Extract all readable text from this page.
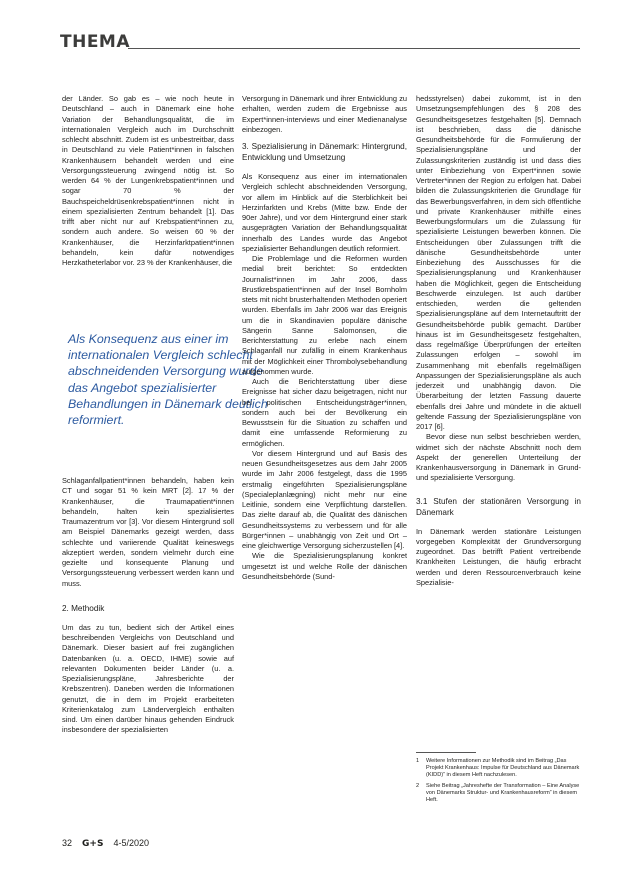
THEMA

der Länder. So gab es – wie noch heute in Deutschland – auch in Dänemark eine hohe Variation der Behandlungsqualität, die im internationalen Vergleich auch im Durchschnitt schlecht abschnitt. Zudem ist es unbestreitbar, dass in Deutschland zu viele Patient*innen in falschen Krankenhäusern behandelt werden und eine Versorgungssteuerung zwingend nötig ist. So werden 64 % der Lungenkrebspatient*innen und sogar 70 % der Bauchspeicheldrüsenkrebspatient*innen nicht in einem spezialisierten Zentrum behandelt [1]. Das trifft aber nicht nur auf Krebspatient*innen zu, sondern auch andere. So weisen 60 % der Krankenhäuser, die Herzinfarktpatient*innen behandeln, kein dafür notwendiges Herzkatheterlabor vor. 23 % der Krankenhäuser, die

Als Konsequenz aus einer im internationalen Vergleich schlecht abschneidenden Versorgung wurde das Angebot spezialisierter Behandlungen in Dänemark deutlich reformiert.

Schlaganfallpatient*innen behandeln, haben kein CT und sogar 51 % kein MRT [2]. 17 % der Krankenhäuser, die Traumapatient*innen behandeln, halten kein spezialisiertes Traumazentrum vor [3]. Vor diesem Hintergrund soll am Beispiel Dänemarks gezeigt werden, dass schlechte und variierende Qualität keineswegs akzeptiert werden, sondern vielmehr durch eine gezielte und konsequente Planung und Versorgungssteuerung verbessert werden kann und muss.

2. Methodik

Um das zu tun, bedient sich der Artikel eines beschreibenden Vergleichs von Deutschland und Dänemark. Dieser basiert auf frei zugänglichen Datenbanken (u. a. OECD, IHME) sowie auf relevanten Dokumenten beider Länder (u. a. Spezialisierungspläne, Jahresberichte der Krebszentren). Daneben werden die Informationen genutzt, die in dem im Projekt erarbeiteten Kriterienkatalog zum Ländervergleich enthalten sind. Um einen darüber hinaus gehenden Eindruck insbesondere der spezialisierten

Versorgung in Dänemark und ihrer Entwicklung zu erhalten, werden zudem die Ergebnisse aus Expert*innen-interviews und einer Medienanalyse einbezogen.

3. Spezialisierung in Dänemark: Hintergrund, Entwicklung und Umsetzung

Als Konsequenz aus einer im internationalen Vergleich schlecht abschneidenden Versorgung, vor allem im Hinblick auf die Sterblichkeit bei Herzinfarkten und Krebs (Mitte bzw. Ende der 90er Jahre), und vor dem Hintergrund einer stark ausgeprägten Variation der Behandlungsqualität innerhalb des Landes wurde das Angebot spezialisierter Behandlungen deutlich reformiert.

Die Problemlage und die Reformen wurden medial breit berichtet: So entdeckten Journalist*innen im Jahr 2006, dass Brustkrebspatient*innen auf der Insel Bornholm stets mit nicht brusterhaltenden Methoden operiert wurden. Ebenfalls im Jahr 2006 war das Ereignis um die in Skandinavien populäre dänische Sängerin Sanne Salomonsen, die Berichterstattung zu erlebe nach einem Schlaganfall nur zufällig in einem Krankenhaus mit der Möglichkeit einer Thrombolysebehandlung aufgenommen wurde.

Auch die Berichterstattung über diese Ereignisse hat sicher dazu beigetragen, nicht nur bei politischen Entscheidungsträger*innen, sondern auch bei der Bevölkerung ein Bewusstsein für die Situation zu schaffen und damit eine umfassende Reformierung zu ermöglichen.

Vor diesem Hintergrund und auf Basis des neuen Gesundheitsgesetzes aus dem Jahr 2005 wurde im Jahr 2006 festgelegt, dass die 1995 erstmalig eingeführten Spezialisierungspläne (Specialeplanlægning) nicht mehr nur eine Leitlinie, sondern eine Verpflichtung darstellen. Das zielte darauf ab, die Qualität des dänischen Gesundheitssystems zu verbessern und für alle Bürger*innen – unabhängig von Zeit und Ort – eine gleichwertige Versorgung sicherzustellen [4].

Wie die Spezialisierungsplanung konkret umgesetzt ist und welche Rolle der dänischen Gesundheitsbehörde (Sund-

hedsstyrelsen) dabei zukommt, ist in den Umsetzungsempfehlungen des § 208 des Gesundheitsgesetzes festgehalten [5]. Demnach ist beschrieben, dass die dänische Gesundheitsbehörde für die Formulierung der Spezialisierungspläne und der Zulassungskriterien zuständig ist und dass dies unter Einbeziehung von Expert*innen sowie Vertreter*innen der Region zu erfolgen hat. Dabei bilden die Zulassungskriterien die Grundlage für das Bewerbungsverfahren, in dem sich öffentliche und private Krankenhäuser mithilfe eines Bewerbungsformulars um die Zulassung für spezialisierte Leistungen bewerben können. Die Entscheidungen über Zulassungen trifft die dänische Gesundheitsbehörde unter Einbeziehung des Ausschusses für die Spezialisierungsplanung und Krankenhäuser haben die Möglichkeit, gegen die Entscheidung Beschwerde einzulegen. Ist auch darüber entschieden, werden die geltenden Spezialisierungspläne auf dem Internetauftritt der Gesundheitsbehörde publik gemacht. Darüber hinaus ist im Gesundheitsgesetz festgehalten, dass regelmäßige Überprüfungen der erteilten Zulassungen erfolgen – sowohl im Zusammenhang mit ebenfalls regelmäßigen Anpassungen der Spezialisierungspläne als auch jederzeit und unabhängig davon. Die Überarbeitung der letzten Fassung dauerte ebenfalls drei Jahre und mündete in die aktuell geltende Fassung der Spezialisierungspläne von 2017 [6].

Bevor diese nun selbst beschrieben werden, widmet sich der nächste Abschnitt noch dem Aspekt der generellen Unterteilung der Krankenhausversorgung in Dänemark in Grund- und spezialisierte Versorgung.

3.1 Stufen der stationären Versorgung in Dänemark

In Dänemark werden stationäre Leistungen vorgegeben Komplexität der Grundversorgung zugeordnet. Das betrifft Patient vertreibende Krankheiten Leistungen, die häufig erbracht werden und deren Ressourcenverbrauch keine Spezialisie-

1	Weitere Informationen zur Methodik sind im Beitrag „Das Projekt Krankenhaus: Impulse für Deutschland aus Dänemark (KIDD)“ in diesem Heft nachzulesen.
2	Siehe Beitrag „Jahreshefte der Transformation – Eine Analyse von Dänemarks Struktur- und Krankenhausreform“ in diesem Heft.
32 G+S 4-5/2020
